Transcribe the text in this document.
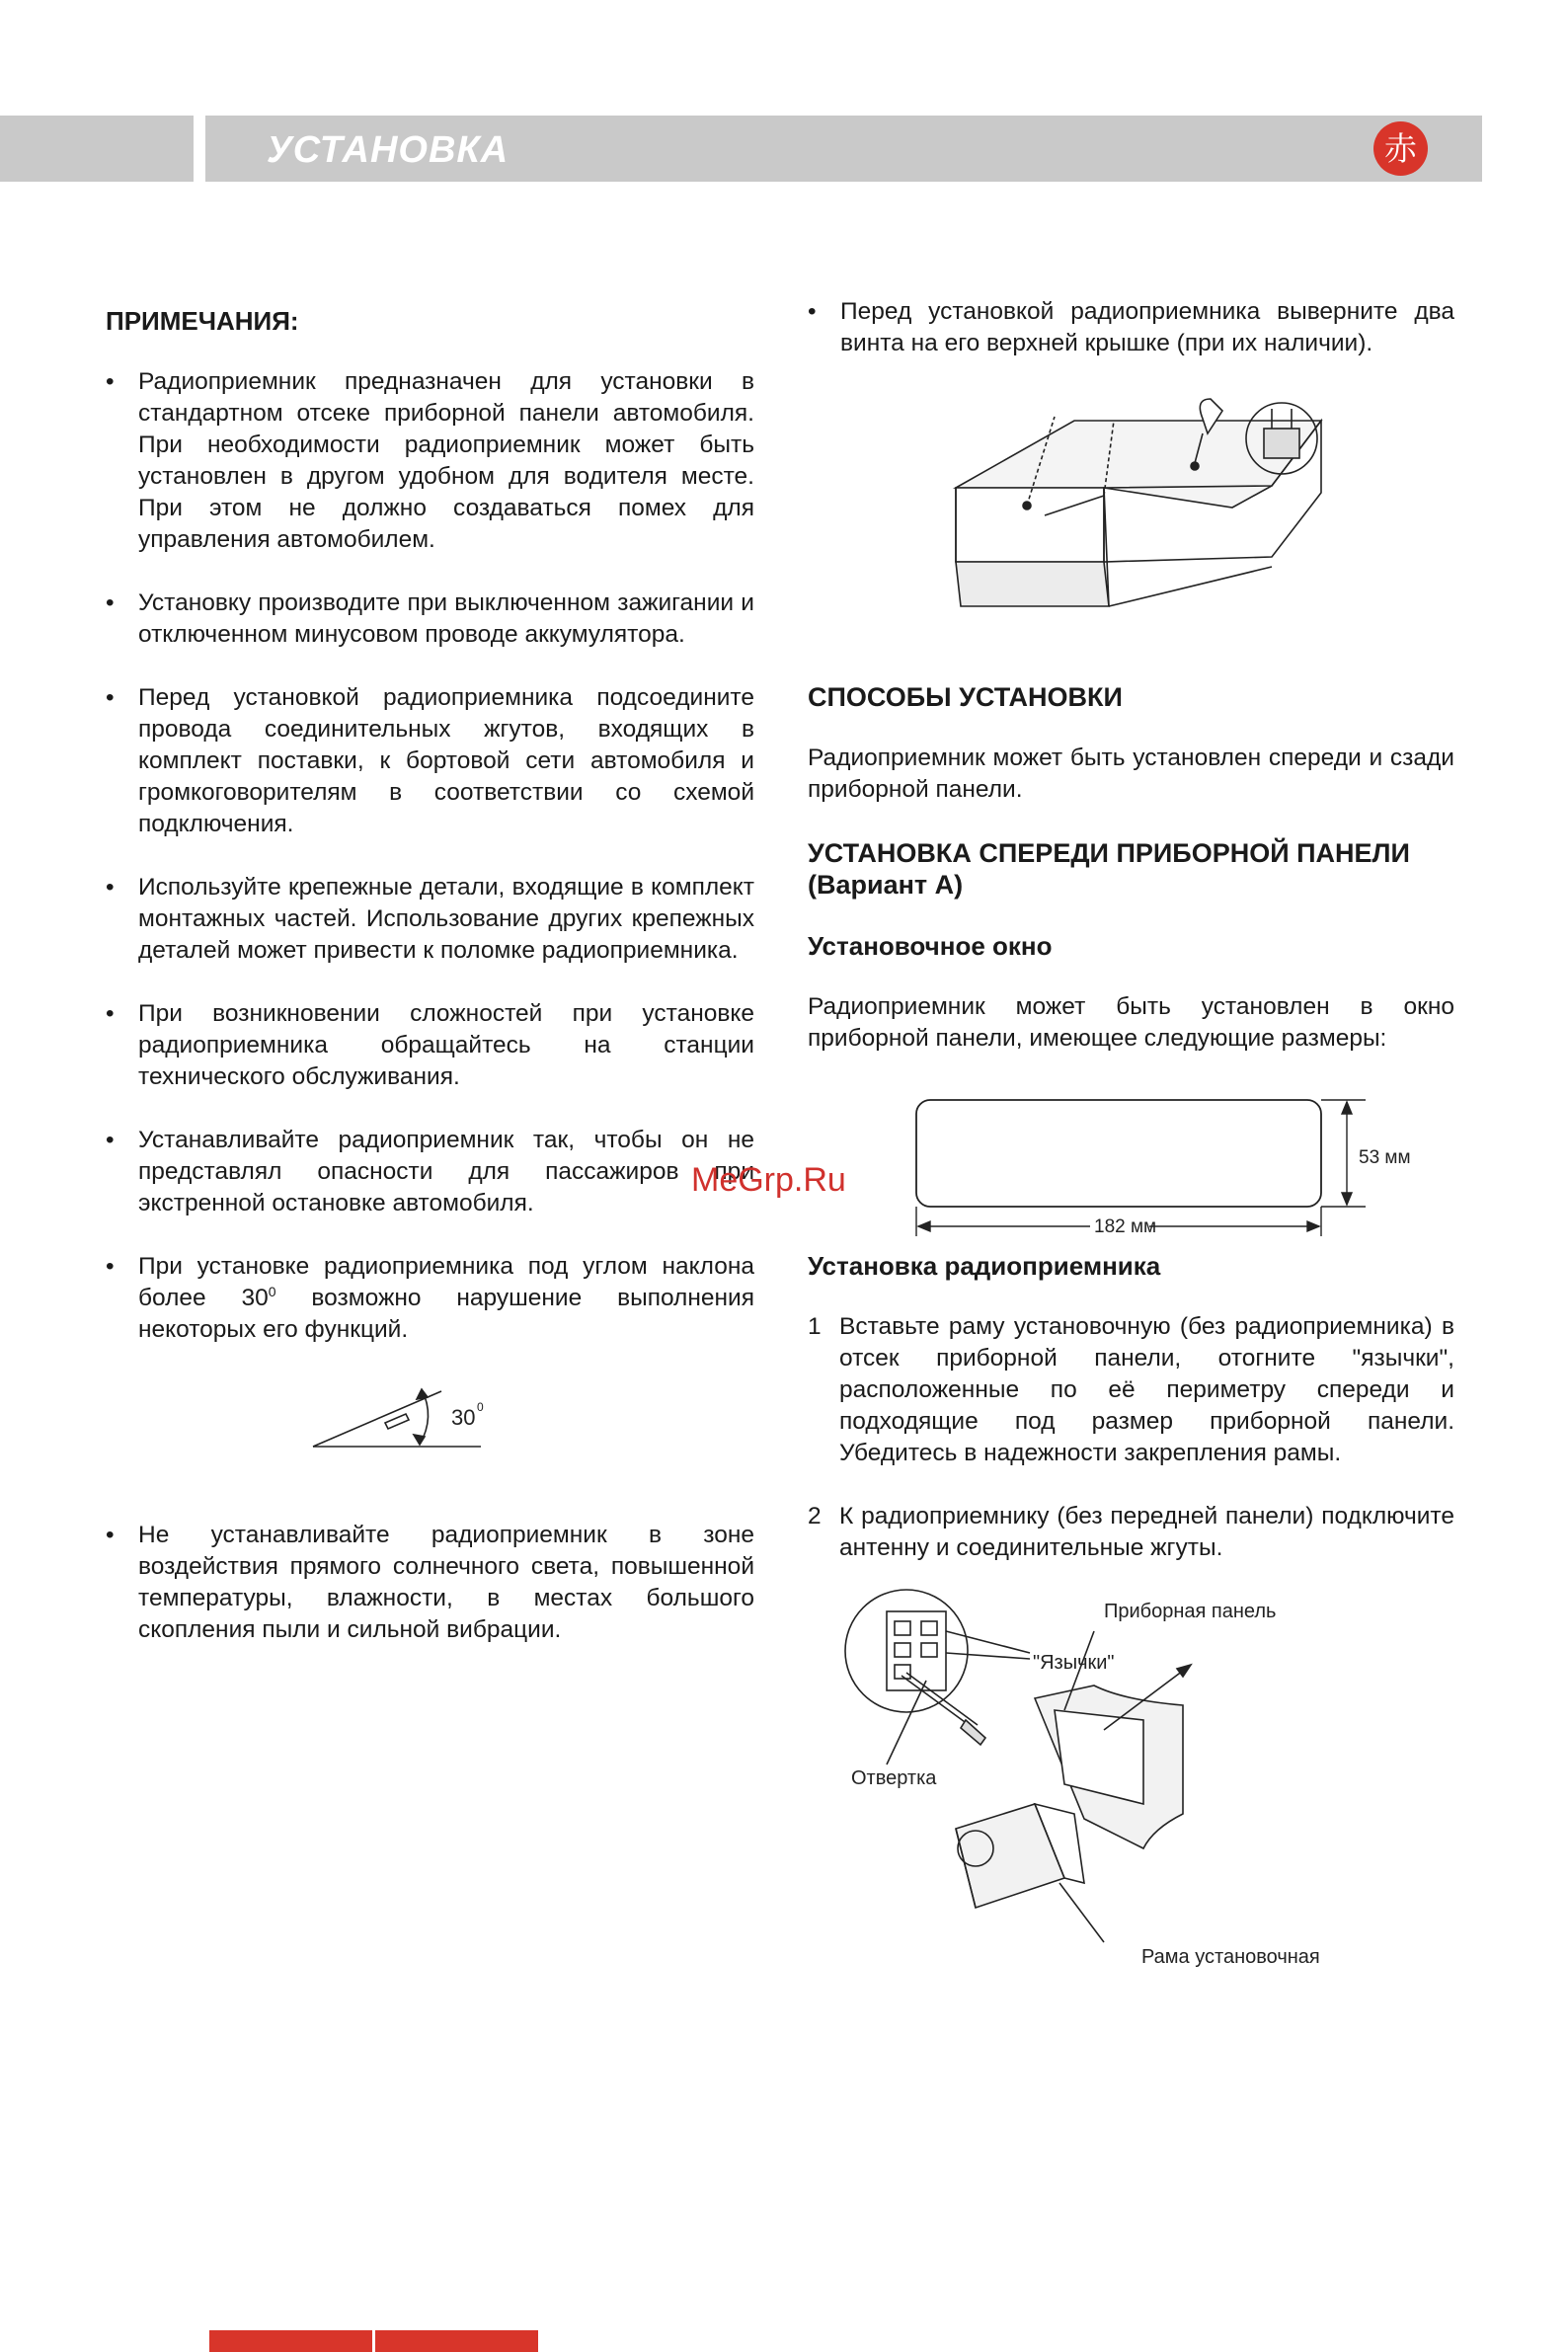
УСТАНОВКА	赤
ПРИМЕЧАНИЯ:
• Радиоприемник предназначен для установки в стандартном отсеке приборной панели автомобиля. При необходимости радиоприемник может быть установлен в другом удобном для водителя месте. При этом не должно создаваться помех для управления автомобилем.
• Установку производите при выключенном зажигании и отключенном минусовом проводе аккумулятора.
• Перед установкой радиоприемника подсоедините провода соединительных жгутов, входящих в комплект поставки, к бортовой сети автомобиля и громкоговорителям в соответствии со схемой подключения.
• Используйте крепежные детали, входящие в комплект монтажных частей. Использование других крепежных деталей может привести к поломке радиоприемника.
• При возникновении сложностей при установке радиоприемника обращайтесь на станции технического обслуживания.
• Устанавливайте радиоприемник так, чтобы он не представлял опасности для пассажиров при экстренной остановке автомобиля.
• При установке радиоприемника под углом наклона более $30^0$ возможно нарушение выполнения некоторых его функций.
30 0
• Не устанавливайте радиоприемник в зоне воздействия прямого солнечного света, повышенной температуры, влажности, в местах большого скопления пыли и сильной вибрации.
• Перед установкой радиоприемника выверните два винта на его верхней крышке (при их наличии).
СПОСОБЫ УСТАНОВКИ
Радиоприемник может быть установлен спереди и сзади приборной панели.
УСТАНОВКА СПЕРЕДИ ПРИБОРНОЙ ПАНЕЛИ (Вариант А)
Установочное окно
Радиоприемник может быть установлен в окно приборной панели, имеющее следующие размеры:
53 мм
182 мм
Установка радиоприемника
1 Вставьте раму установочную (без радиоприемника) в отсек приборной панели, отогните "язычки", расположенные по её периметру спереди и подходящие под размер приборной панели. Убедитесь в надежности закрепления рамы.
2 К радиоприемнику (без передней панели) подключите антенну и соединительные жгуты.
Приборная панель
"Язычки"
Отвертка
Рама установочная
MeGrp.Ru
